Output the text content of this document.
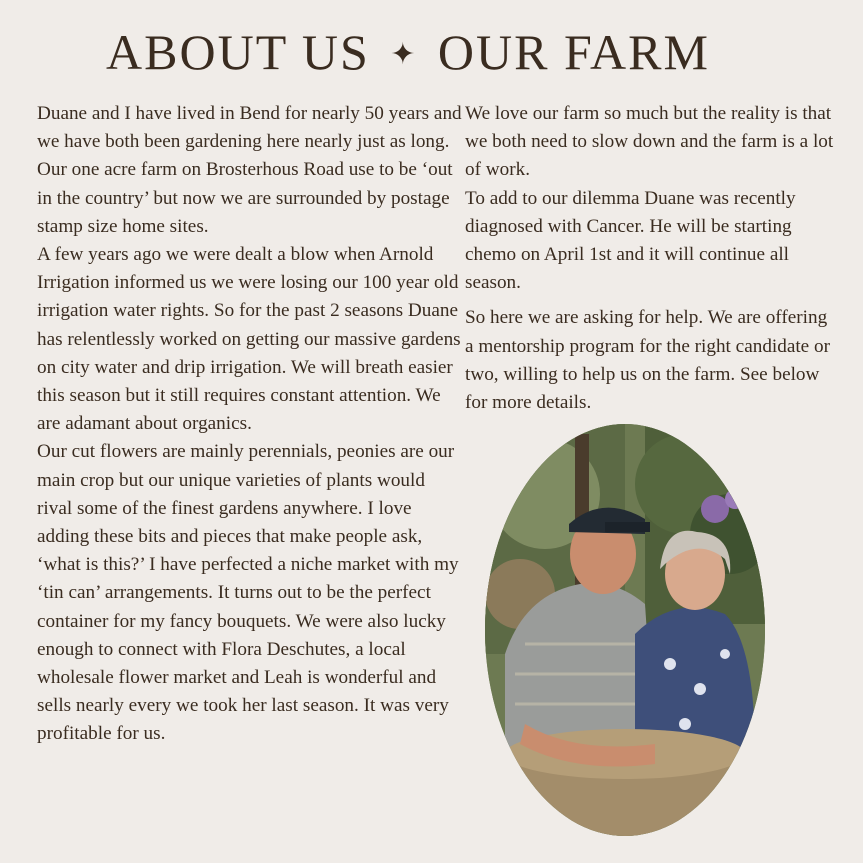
ABOUT US ✦ OUR FARM

Duane and I have lived in Bend for nearly 50 years and we have both been gardening here nearly just as long. Our one acre farm on Brosterhous Road use to be ‘out in the country’ but now we are surrounded by postage stamp size home sites.

A few years ago we were dealt a blow when Arnold Irrigation informed us we were losing our 100 year old irrigation water rights. So for the past 2 seasons Duane has relentlessly worked on getting our massive gardens on city water and drip irrigation. We will breath easier this season but it still requires constant attention. We are adamant about organics.

Our cut flowers are mainly perennials, peonies are our main crop but our unique varieties of plants would rival some of the finest gardens anywhere. I love adding these bits and pieces that make people ask, ‘what is this?’ I have perfected a niche market with my ‘tin can’ arrangements. It turns out to be the perfect container for my fancy bouquets. We were also lucky enough to connect with Flora Deschutes, a local wholesale flower market and Leah is wonderful and sells nearly every we took her last season. It was very profitable for us.

We love our farm so much but the reality is that we both need to slow down and the farm is a lot of work.

To add to our dilemma Duane was recently diagnosed with Cancer. He will be starting chemo on April 1st and it will continue all season.

So here we are asking for help. We are offering a mentorship program for the right candidate or two, willing to help us on the farm. See below for more details.
